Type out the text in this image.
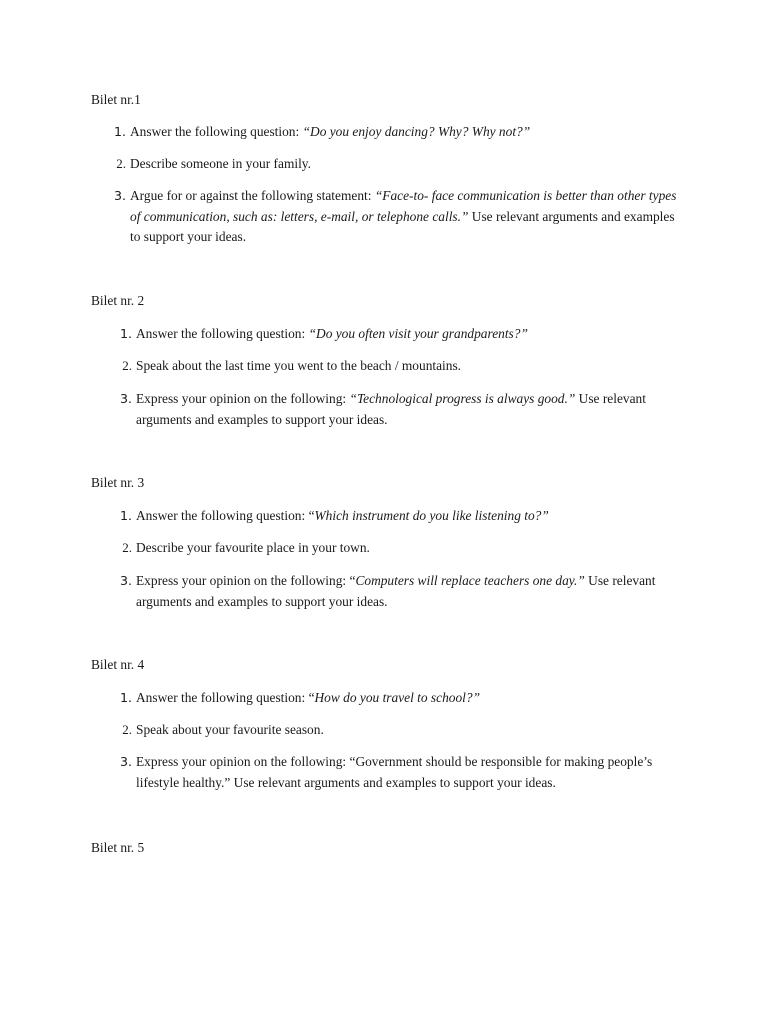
Bilet nr.1
1. Answer the following question: “Do you enjoy dancing? Why? Why not?”
2. Describe someone in your family.
3. Argue for or against the following statement: “Face-to- face communication is better than other types of communication, such as: letters, e-mail, or telephone calls.” Use relevant arguments and examples to support your ideas.
Bilet nr. 2
1. Answer the following question: “Do you often visit your grandparents?”
2. Speak about the last time you went to the beach / mountains.
3. Express your opinion on the following: “Technological progress is always good.” Use relevant arguments and examples to support your ideas.
Bilet nr. 3
1. Answer the following question: “Which instrument do you like listening to?”
2. Describe your favourite place in your town.
3. Express your opinion on the following: “Computers will replace teachers one day.” Use relevant arguments and examples to support your ideas.
Bilet nr. 4
1. Answer the following question: “How do you travel to school?”
2. Speak about your favourite season.
3. Express your opinion on the following: “Government should be responsible for making people’s lifestyle healthy.” Use relevant arguments and examples to support your ideas.
Bilet nr. 5
